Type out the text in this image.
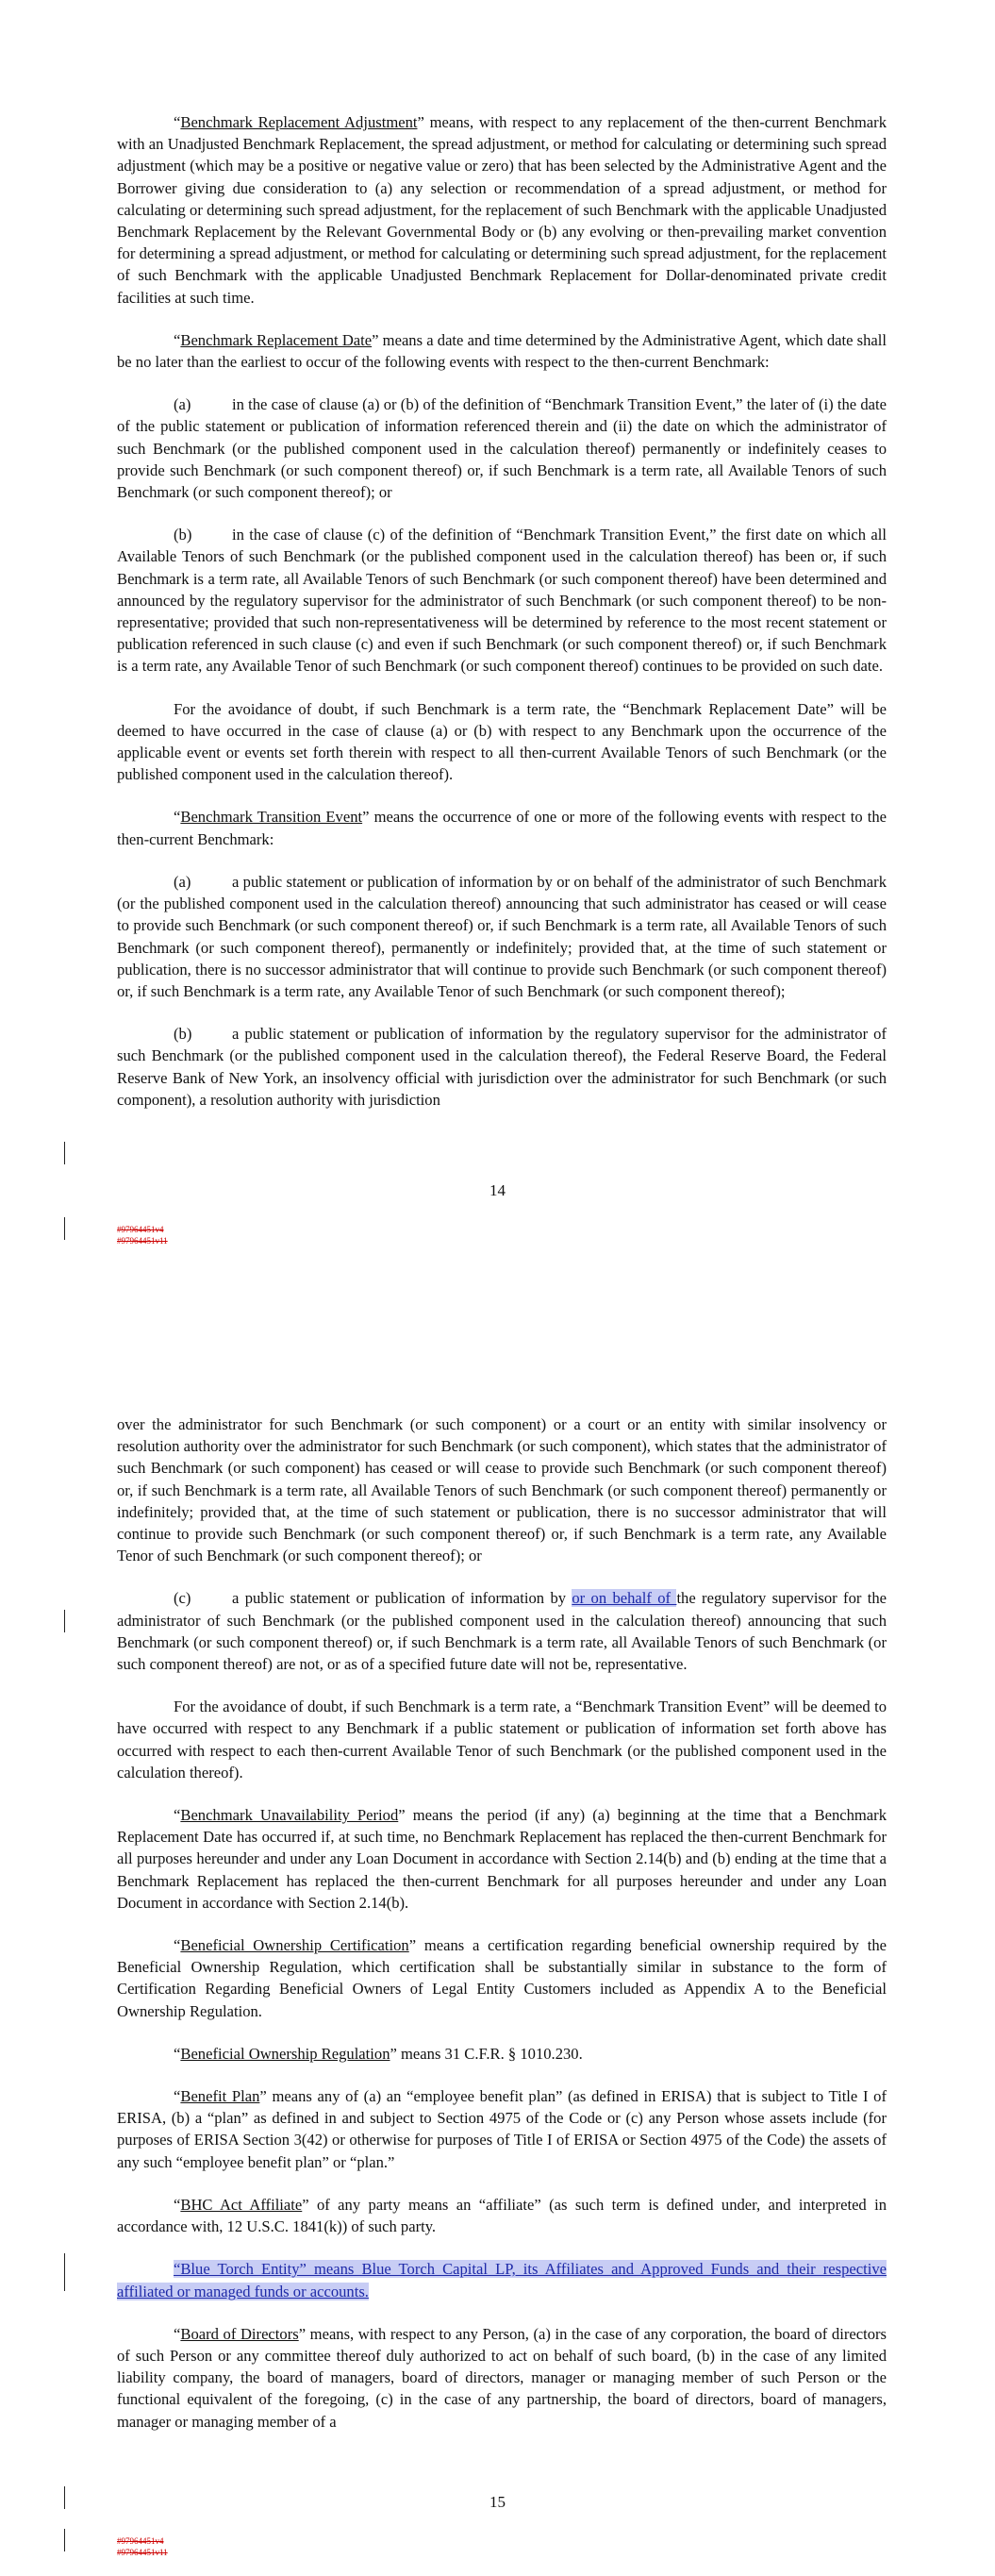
“Benchmark Replacement Adjustment” means, with respect to any replacement of the then-current Benchmark with an Unadjusted Benchmark Replacement, the spread adjustment, or method for calculating or determining such spread adjustment (which may be a positive or negative value or zero) that has been selected by the Administrative Agent and the Borrower giving due consideration to (a) any selection or recommendation of a spread adjustment, or method for calculating or determining such spread adjustment, for the replacement of such Benchmark with the applicable Unadjusted Benchmark Replacement by the Relevant Governmental Body or (b) any evolving or then-prevailing market convention for determining a spread adjustment, or method for calculating or determining such spread adjustment, for the replacement of such Benchmark with the applicable Unadjusted Benchmark Replacement for Dollar-denominated private credit facilities at such time.

“Benchmark Replacement Date” means a date and time determined by the Administrative Agent, which date shall be no later than the earliest to occur of the following events with respect to the then-current Benchmark:

(a)	in the case of clause (a) or (b) of the definition of “Benchmark Transition Event,” the later of (i) the date of the public statement or publication of information referenced therein and (ii) the date on which the administrator of such Benchmark (or the published component used in the calculation thereof) permanently or indefinitely ceases to provide such Benchmark (or such component thereof) or, if such Benchmark is a term rate, all Available Tenors of such Benchmark (or such component thereof); or

(b)	in the case of clause (c) of the definition of “Benchmark Transition Event,” the first date on which all Available Tenors of such Benchmark (or the published component used in the calculation thereof) has been or, if such Benchmark is a term rate, all Available Tenors of such Benchmark (or such component thereof) have been determined and announced by the regulatory supervisor for the administrator of such Benchmark (or such component thereof) to be non-representative; provided that such non-representativeness will be determined by reference to the most recent statement or publication referenced in such clause (c) and even if such Benchmark (or such component thereof) or, if such Benchmark is a term rate, any Available Tenor of such Benchmark (or such component thereof) continues to be provided on such date.

For the avoidance of doubt, if such Benchmark is a term rate, the “Benchmark Replacement Date” will be deemed to have occurred in the case of clause (a) or (b) with respect to any Benchmark upon the occurrence of the applicable event or events set forth therein with respect to all then-current Available Tenors of such Benchmark (or the published component used in the calculation thereof).

“Benchmark Transition Event” means the occurrence of one or more of the following events with respect to the then-current Benchmark:

(a)	a public statement or publication of information by or on behalf of the administrator of such Benchmark (or the published component used in the calculation thereof) announcing that such administrator has ceased or will cease to provide such Benchmark (or such component thereof) or, if such Benchmark is a term rate, all Available Tenors of such Benchmark (or such component thereof), permanently or indefinitely; provided that, at the time of such statement or publication, there is no successor administrator that will continue to provide such Benchmark (or such component thereof) or, if such Benchmark is a term rate, any Available Tenor of such Benchmark (or such component thereof);

(b)	a public statement or publication of information by the regulatory supervisor for the administrator of such Benchmark (or the published component used in the calculation thereof), the Federal Reserve Board, the Federal Reserve Bank of New York, an insolvency official with jurisdiction over the administrator for such Benchmark (or such component), a resolution authority with jurisdiction

14
#97964451v4
#97964451v11

over the administrator for such Benchmark (or such component) or a court or an entity with similar insolvency or resolution authority over the administrator for such Benchmark (or such component), which states that the administrator of such Benchmark (or such component) has ceased or will cease to provide such Benchmark (or such component thereof) or, if such Benchmark is a term rate, all Available Tenors of such Benchmark (or such component thereof) permanently or indefinitely; provided that, at the time of such statement or publication, there is no successor administrator that will continue to provide such Benchmark (or such component thereof) or, if such Benchmark is a term rate, any Available Tenor of such Benchmark (or such component thereof); or

(c)	a public statement or publication of information by or on behalf of the regulatory supervisor for the administrator of such Benchmark (or the published component used in the calculation thereof) announcing that such Benchmark (or such component thereof) or, if such Benchmark is a term rate, all Available Tenors of such Benchmark (or such component thereof) are not, or as of a specified future date will not be, representative.

For the avoidance of doubt, if such Benchmark is a term rate, a “Benchmark Transition Event” will be deemed to have occurred with respect to any Benchmark if a public statement or publication of information set forth above has occurred with respect to each then-current Available Tenor of such Benchmark (or the published component used in the calculation thereof).

“Benchmark Unavailability Period” means the period (if any) (a) beginning at the time that a Benchmark Replacement Date has occurred if, at such time, no Benchmark Replacement has replaced the then-current Benchmark for all purposes hereunder and under any Loan Document in accordance with Section 2.14(b) and (b) ending at the time that a Benchmark Replacement has replaced the then-current Benchmark for all purposes hereunder and under any Loan Document in accordance with Section 2.14(b).

“Beneficial Ownership Certification” means a certification regarding beneficial ownership required by the Beneficial Ownership Regulation, which certification shall be substantially similar in substance to the form of Certification Regarding Beneficial Owners of Legal Entity Customers included as Appendix A to the Beneficial Ownership Regulation.

“Beneficial Ownership Regulation” means 31 C.F.R. § 1010.230.

“Benefit Plan” means any of (a) an “employee benefit plan” (as defined in ERISA) that is subject to Title I of ERISA, (b) a “plan” as defined in and subject to Section 4975 of the Code or (c) any Person whose assets include (for purposes of ERISA Section 3(42) or otherwise for purposes of Title I of ERISA or Section 4975 of the Code) the assets of any such “employee benefit plan” or “plan.”

“BHC Act Affiliate” of any party means an “affiliate” (as such term is defined under, and interpreted in accordance with, 12 U.S.C. 1841(k)) of such party.

“Blue Torch Entity” means Blue Torch Capital LP, its Affiliates and Approved Funds and their respective affiliated or managed funds or accounts.

“Board of Directors” means, with respect to any Person, (a) in the case of any corporation, the board of directors of such Person or any committee thereof duly authorized to act on behalf of such board, (b) in the case of any limited liability company, the board of managers, board of directors, manager or managing member of such Person or the functional equivalent of the foregoing, (c) in the case of any partnership, the board of directors, board of managers, manager or managing member of a

15
#97964451v4
#97964451v11
